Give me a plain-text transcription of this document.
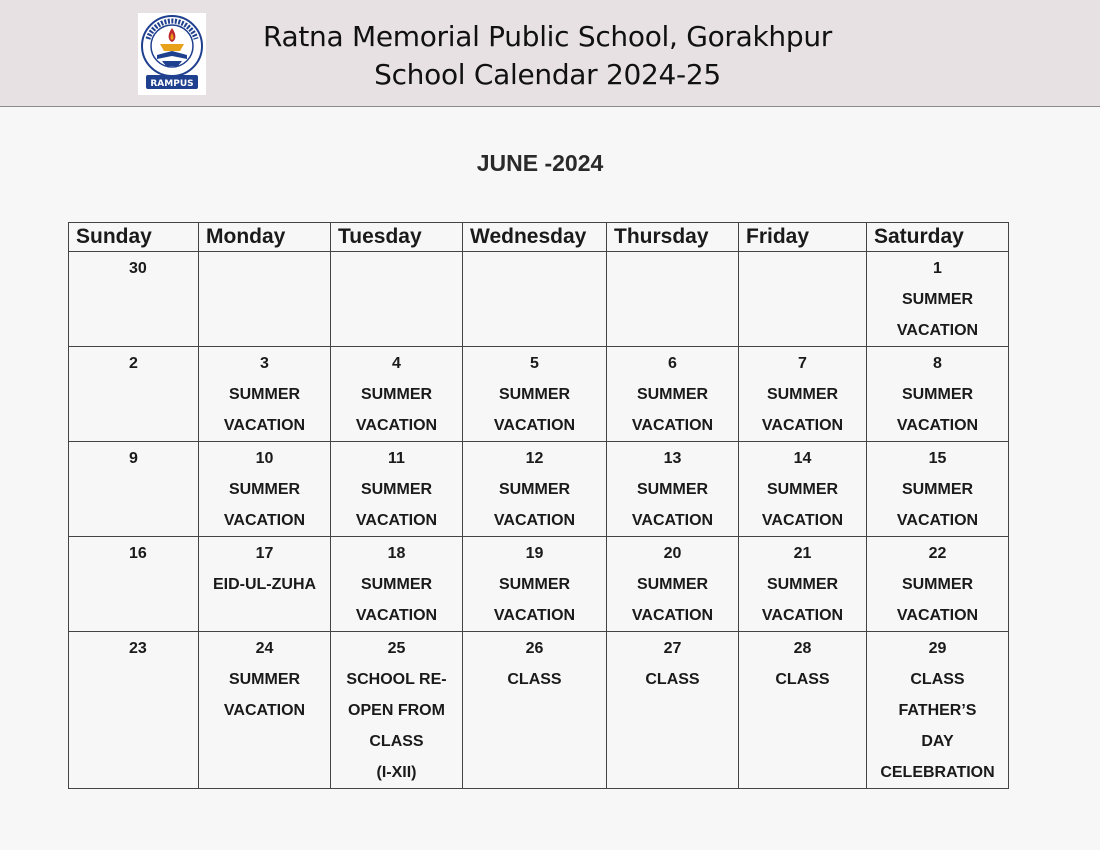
RAMPUS
Ratna Memorial Public School, Gorakhpur
School Calendar 2024-25
JUNE -2024
Sunday	Monday	Tuesday	Wednesday	Thursday	Friday	Saturday

30						1
SUMMER
VACATION

2	3
SUMMER
VACATION	4
SUMMER
VACATION	5
SUMMER
VACATION	6
SUMMER
VACATION	7
SUMMER
VACATION	8
SUMMER
VACATION

9	10
SUMMER
VACATION	11
SUMMER
VACATION	12
SUMMER
VACATION	13
SUMMER
VACATION	14
SUMMER
VACATION	15
SUMMER
VACATION

16	17
EID-UL-ZUHA	18
SUMMER
VACATION	19
SUMMER
VACATION	20
SUMMER
VACATION	21
SUMMER
VACATION	22
SUMMER
VACATION

23	24
SUMMER
VACATION	25
SCHOOL RE-
OPEN FROM
CLASS
(I-XII)	26
CLASS	27
CLASS	28
CLASS	29
CLASS
FATHER’S
DAY
CELEBRATION
